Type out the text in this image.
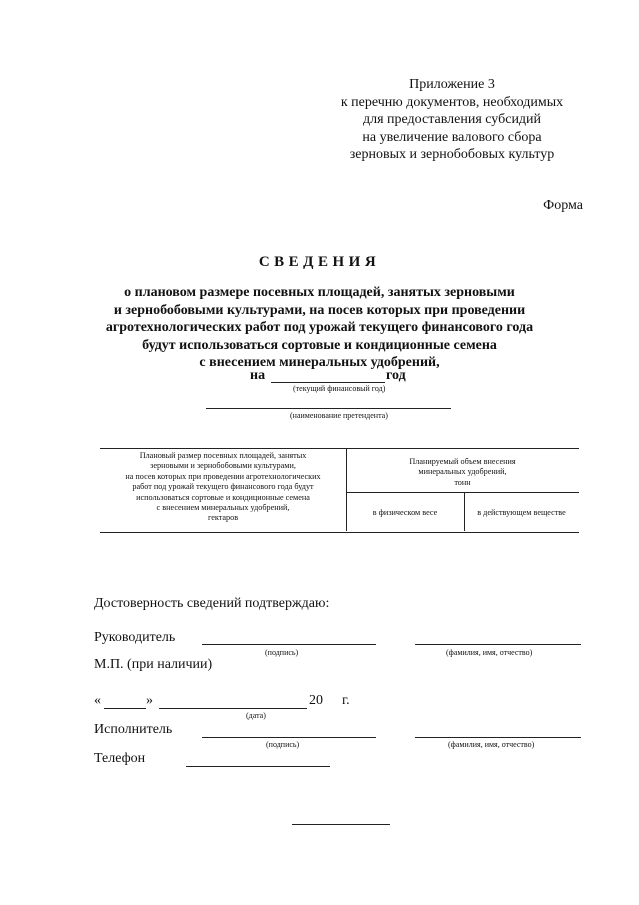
Приложение 3
к перечню документов, необходимых
для предоставления субсидий
на увеличение валового сбора
зерновых и зернобобовых культур
Форма
СВЕДЕНИЯ
о плановом размере посевных площадей, занятых зерновыми
и зернобобовыми культурами, на посев которых при проведении
агротехнологических работ под урожай текущего финансового года
будут использоваться сортовые и кондиционные семена
с внесением минеральных удобрений,
на	год
(текущий финансовый год)
(наименование претендента)
Плановый размер посевных площадей, занятых
зерновыми и зернобобовыми культурами,
на посев которых при проведении агротехнологических
работ под урожай текущего финансового года будут
использоваться сортовые и кондиционные семена
с внесением минеральных удобрений,
гектаров
Планируемый объем внесения
минеральных удобрений,
тонн
в физическом весе	в действующем веществе
Достоверность сведений подтверждаю:
Руководитель
(подпись)	(фамилия, имя, отчество)
М.П. (при наличии)
«	»	20 г.
(дата)
Исполнитель
(подпись)	(фамилия, имя, отчество)
Телефон
